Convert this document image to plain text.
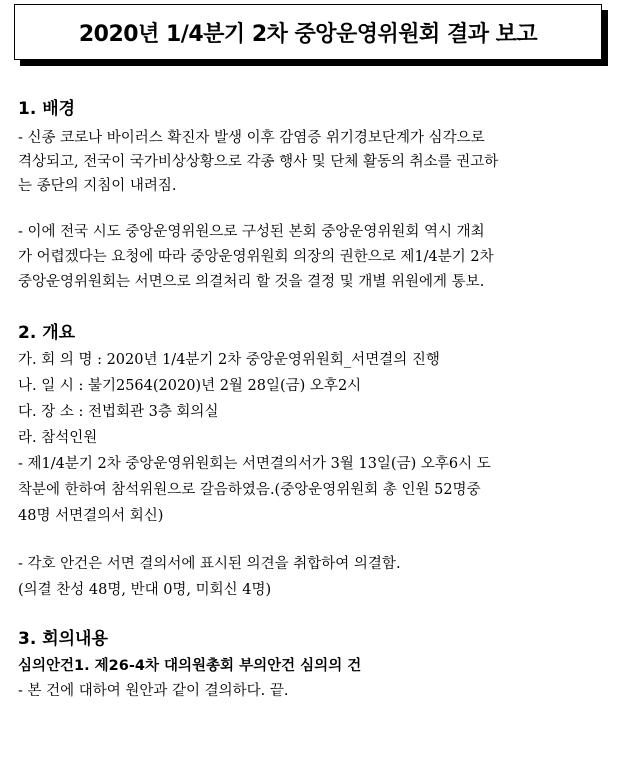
2020년 1/4분기 2차 중앙운영위원회 결과 보고
1. 배경
- 신종 코로나 바이러스 확진자 발생 이후 감염증 위기경보단계가 심각으로
격상되고, 전국이 국가비상상황으로 각종 행사 및 단체 활동의 취소를 권고하
는 종단의 지침이 내려짐.
- 이에 전국 시도 중앙운영위원으로 구성된 본회 중앙운영위원회 역시 개최
가 어렵겠다는 요청에 따라 중앙운영위원회 의장의 권한으로 제1/4분기 2차
중앙운영위원회는 서면으로 의결처리 할 것을 결정 및 개별 위원에게 통보.
2. 개요
가. 회 의 명 : 2020년 1/4분기 2차 중앙운영위원회_서면결의 진행
나. 일 시 : 불기2564(2020)년 2월 28일(금) 오후2시
다. 장 소 : 전법회관 3층 회의실
라. 참석인원
- 제1/4분기 2차 중앙운영위원회는 서면결의서가 3월 13일(금) 오후6시 도
착분에 한하여 참석위원으로 갈음하였음.(중앙운영위원회 총 인원 52명중
48명 서면결의서 회신)
- 각호 안건은 서면 결의서에 표시된 의견을 취합하여 의결함.
(의결 찬성 48명, 반대 0명, 미회신 4명)
3. 회의내용
심의안건1. 제26-4차 대의원총회 부의안건 심의의 건
- 본 건에 대하여 원안과 같이 결의하다. 끝.
